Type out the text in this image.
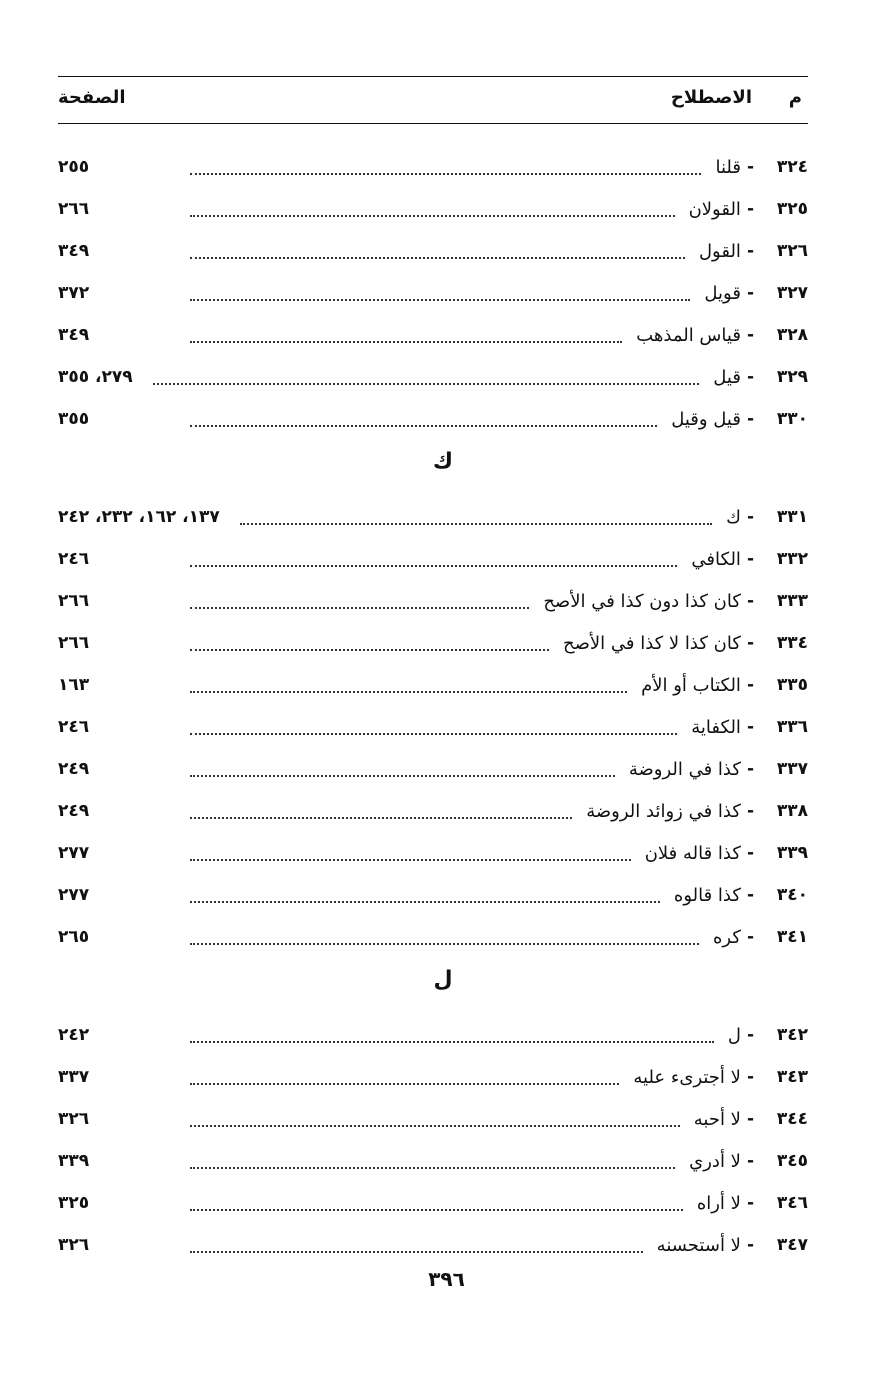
م
الاصطلاح
الصفحة
٣٢٤
-
قلنا
٢٥٥
٣٢٥
-
القولان
٢٦٦
٣٢٦
-
القول
٣٤٩
٣٢٧
-
قويل
٣٧٢
٣٢٨
-
قياس المذهب
٣٤٩
٣٢٩
-
قيل
٢٧٩، ٣٥٥
٣٣٠
-
قيل وقيل
٣٥٥
ك
٣٣١
-
ك
١٣٧، ١٦٢، ٢٣٢، ٢٤٢
٣٣٢
-
الكافي
٢٤٦
٣٣٣
-
كان كذا دون كذا في الأصح
٢٦٦
٣٣٤
-
كان كذا لا كذا في الأصح
٢٦٦
٣٣٥
-
الكتاب أو الأم
١٦٣
٣٣٦
-
الكفاية
٢٤٦
٣٣٧
-
كذا في الروضة
٢٤٩
٣٣٨
-
كذا في زوائد الروضة
٢٤٩
٣٣٩
-
كذا قاله فلان
٢٧٧
٣٤٠
-
كذا قالوه
٢٧٧
٣٤١
-
كره
٢٦٥
ل
٣٤٢
-
ل
٢٤٢
٣٤٣
-
لا أجترىء عليه
٣٣٧
٣٤٤
-
لا أحبه
٣٢٦
٣٤٥
-
لا أدري
٣٣٩
٣٤٦
-
لا أراه
٣٢٥
٣٤٧
-
لا أستحسنه
٣٢٦
٣٩٦
